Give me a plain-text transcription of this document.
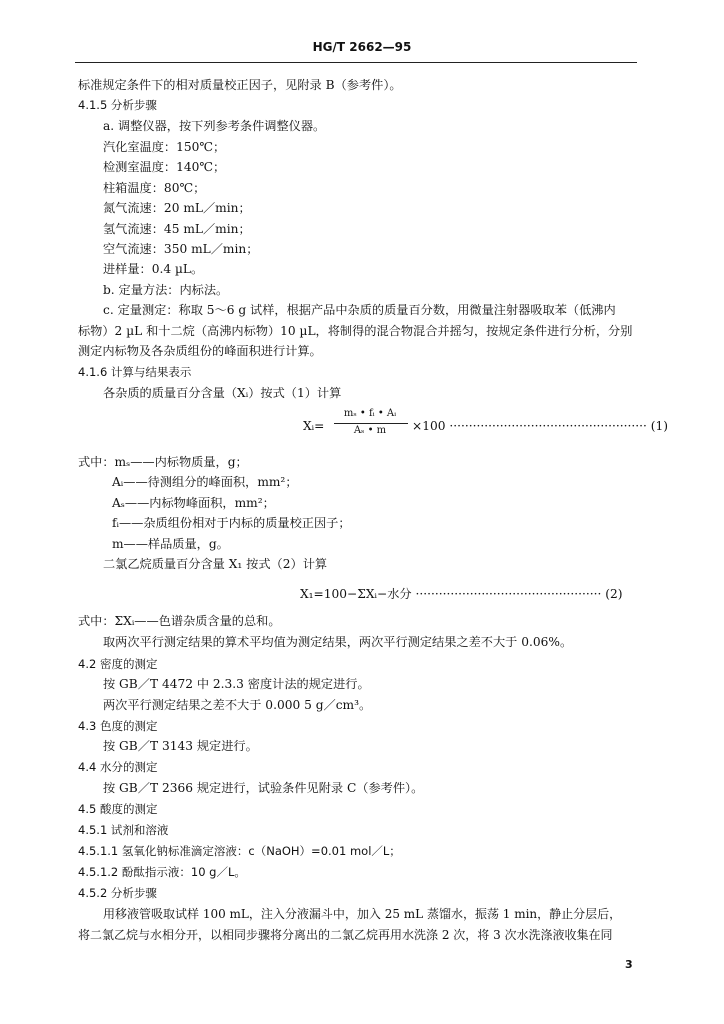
HG/T 2662—95
标准规定条件下的相对质量校正因子，见附录 B（参考件）。
4.1.5 分析步骤
a. 调整仪器，按下列参考条件调整仪器。
汽化室温度：150℃；
检测室温度：140℃；
柱箱温度：80℃；
氮气流速：20 mL／min；
氢气流速：45 mL／min；
空气流速：350 mL／min；
进样量：0.4 µL。
b. 定量方法：内标法。
c. 定量测定：称取 5～6 g 试样，根据产品中杂质的质量百分数，用微量注射器吸取苯（低沸内
标物）2 µL 和十二烷（高沸内标物）10 µL，将制得的混合物混合并摇匀，按规定条件进行分析，分别
测定内标物及各杂质组份的峰面积进行计算。
4.1.6 计算与结果表示
各杂质的质量百分含量（Xᵢ）按式（1）计算
Xᵢ=
mₛ • fᵢ • Aᵢ
Aₛ • m	×100 ··················································· (1)
式中：mₛ——内标物质量，g；
Aᵢ——待测组分的峰面积，mm²；
Aₛ——内标物峰面积，mm²；
fᵢ——杂质组份相对于内标的质量校正因子；
m——样品质量，g。
二氯乙烷质量百分含量 X₁ 按式（2）计算
X₁=100−ΣXᵢ−水分 ················································ (2)
式中：ΣXᵢ——色谱杂质含量的总和。
取两次平行测定结果的算术平均值为测定结果，两次平行测定结果之差不大于 0.06%。
4.2 密度的测定
按 GB／T 4472 中 2.3.3 密度计法的规定进行。
两次平行测定结果之差不大于 0.000 5 g／cm³。
4.3 色度的测定
按 GB／T 3143 规定进行。
4.4 水分的测定
按 GB／T 2366 规定进行，试验条件见附录 C（参考件）。
4.5 酸度的测定
4.5.1 试剂和溶液
4.5.1.1 氢氧化钠标准滴定溶液：c（NaOH）=0.01 mol／L；
4.5.1.2 酚酞指示液：10 g／L。
4.5.2 分析步骤
用移液管吸取试样 100 mL，注入分液漏斗中，加入 25 mL 蒸馏水，振荡 1 min，静止分层后，
将二氯乙烷与水相分开，以相同步骤将分离出的二氯乙烷再用水洗涤 2 次，将 3 次水洗涤液收集在同
3
